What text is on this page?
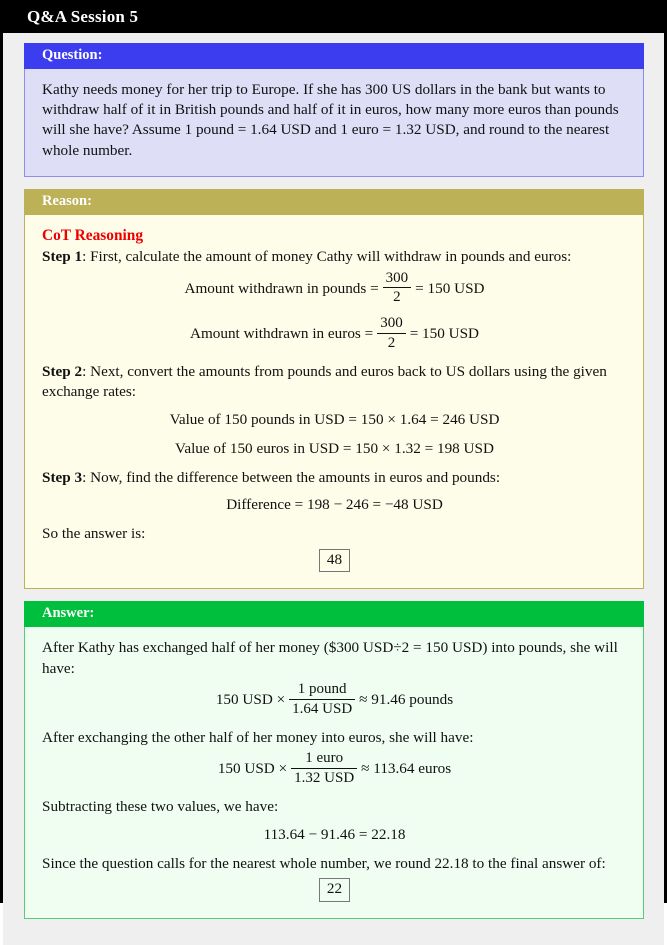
Q&A Session 5
Question:

Kathy needs money for her trip to Europe. If she has 300 US dollars in the bank but wants to withdraw half of it in British pounds and half of it in euros, how many more euros than pounds will she have? Assume 1 pound = 1.64 USD and 1 euro = 1.32 USD, and round to the nearest whole number.

Reason:

CoT Reasoning

Step 1: First, calculate the amount of money Cathy will withdraw in pounds and euros:

Amount withdrawn in pounds = $\frac{300}{2} = 150$ USD
Amount withdrawn in euros = $\frac{300}{2} = 150$ USD

Step 2: Next, convert the amounts from pounds and euros back to US dollars using the given exchange rates:

Value of 150 pounds in USD = 150 × 1.64 = 246 USD
Value of 150 euros in USD = 150 × 1.32 = 198 USD

Step 3: Now, find the difference between the amounts in euros and pounds:

Difference = 198 − 246 = −48 USD

So the answer is:

48
Answer:

After Kathy has exchanged half of her money ($300 USD÷2 = 150 USD) into pounds, she will have:

150 USD × $\frac{\text{1 pound}}{\text{1.64 USD}} \approx 91.46$ pounds

After exchanging the other half of her money into euros, she will have:

150 USD × $\frac{\text{1 euro}}{\text{1.32 USD}} \approx 113.64$ euros

Subtracting these two values, we have:

113.64 − 91.46 = 22.18

Since the question calls for the nearest whole number, we round 22.18 to the final answer of:

22
